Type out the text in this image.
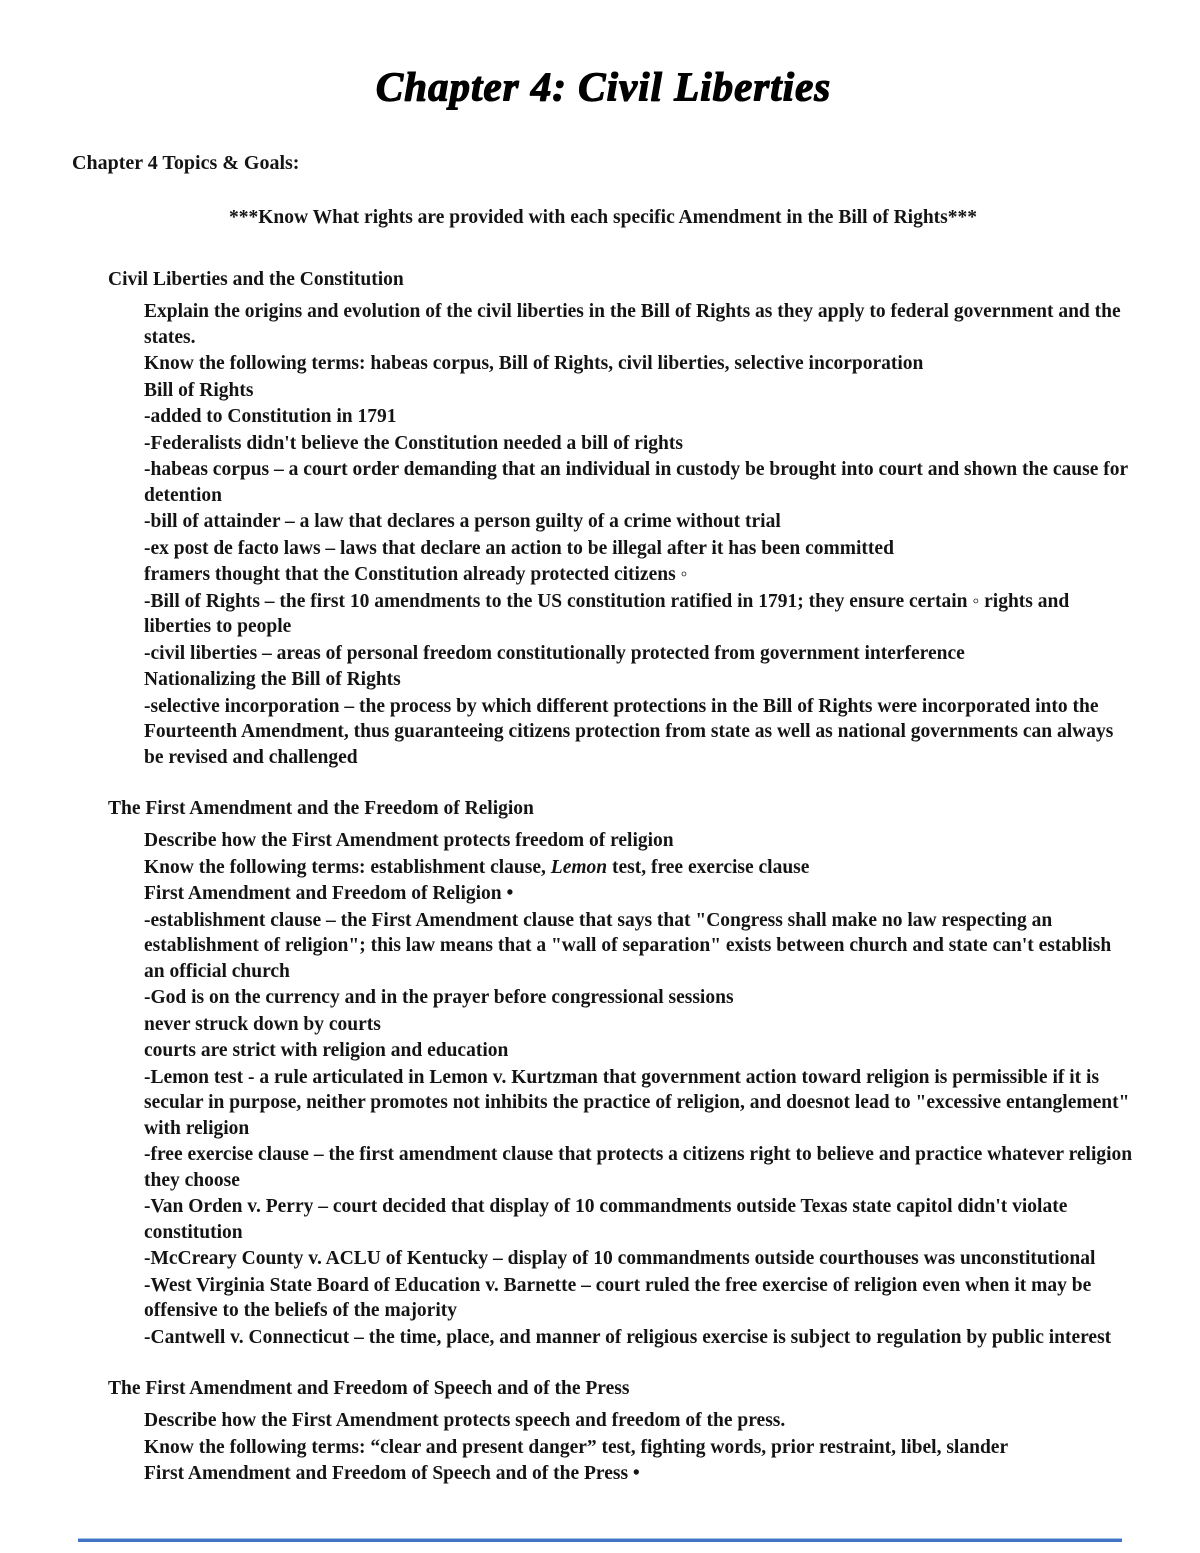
Chapter 4: Civil Liberties

Chapter 4 Topics & Goals:

***Know What rights are provided with each specific Amendment in the Bill of Rights***

Civil Liberties and the Constitution

Explain the origins and evolution of the civil liberties in the Bill of Rights as they apply to federal government and the states.

Know the following terms: habeas corpus, Bill of Rights, civil liberties, selective incorporation

Bill of Rights

-added to Constitution in 1791

-Federalists didn't believe the Constitution needed a bill of rights

-habeas corpus – a court order demanding that an individual in custody be brought into court and shown the cause for detention

-bill of attainder – a law that declares a person guilty of a crime without trial

-ex post de facto laws – laws that declare an action to be illegal after it has been committed

framers thought that the Constitution already protected citizens ◦

-Bill of Rights – the first 10 amendments to the US constitution ratified in 1791; they ensure certain ◦ rights and liberties to people

-civil liberties – areas of personal freedom constitutionally protected from government interference

Nationalizing the Bill of Rights

-selective incorporation – the process by which different protections in the Bill of Rights were incorporated into the Fourteenth Amendment, thus guaranteeing citizens protection from state as well as national governments can always be revised and challenged

The First Amendment and the Freedom of Religion

Describe how the First Amendment protects freedom of religion

Know the following terms: establishment clause, Lemon test, free exercise clause

First Amendment and Freedom of Religion •

-establishment clause – the First Amendment clause that says that "Congress shall make no law respecting an establishment of religion"; this law means that a "wall of separation" exists between church and state can't establish an official church

-God is on the currency and in the prayer before congressional sessions

never struck down by courts

courts are strict with religion and education

-Lemon test - a rule articulated in Lemon v. Kurtzman that government action toward religion is permissible if it is secular in purpose, neither promotes not inhibits the practice of religion, and doesnot lead to "excessive entanglement" with religion

-free exercise clause – the first amendment clause that protects a citizens right to believe and practice whatever religion they choose

-Van Orden v. Perry – court decided that display of 10 commandments outside Texas state capitol didn't violate constitution

-McCreary County v. ACLU of Kentucky – display of 10 commandments outside courthouses was unconstitutional

-West Virginia State Board of Education v. Barnette – court ruled the free exercise of religion even when it may be offensive to the beliefs of the majority

-Cantwell v. Connecticut – the time, place, and manner of religious exercise is subject to regulation by public interest

The First Amendment and Freedom of Speech and of the Press

Describe how the First Amendment protects speech and freedom of the press.

Know the following terms: “clear and present danger” test, fighting words, prior restraint, libel, slander

First Amendment and Freedom of Speech and of the Press •
